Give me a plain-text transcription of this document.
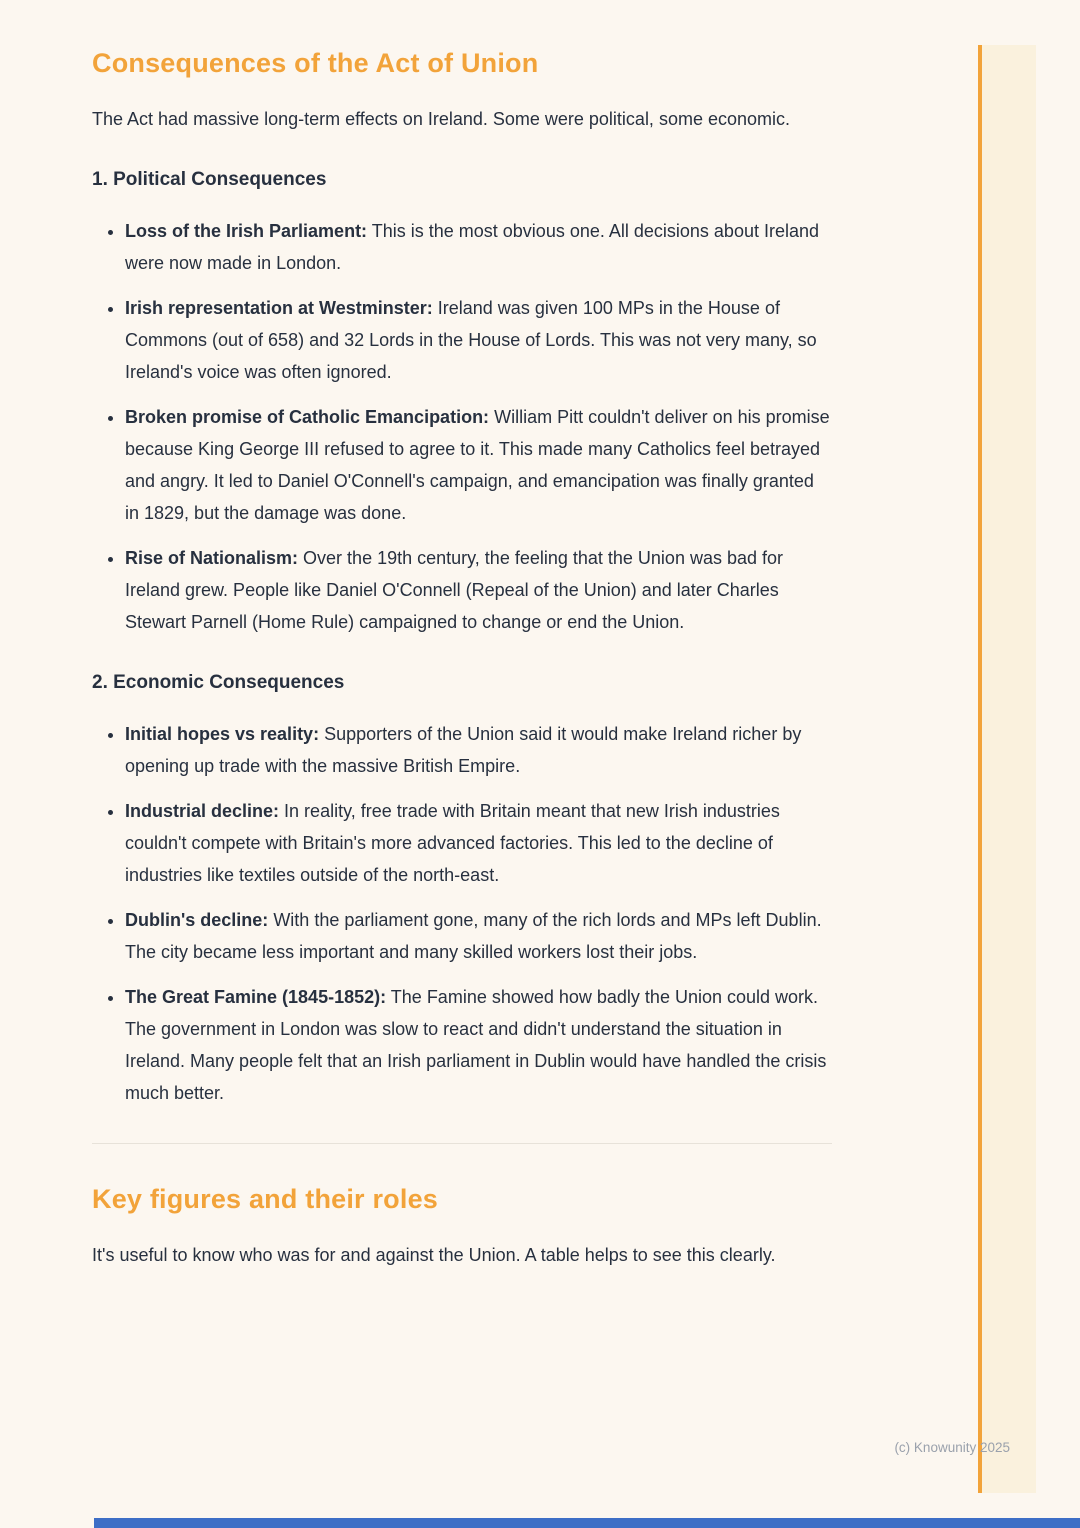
Consequences of the Act of Union

The Act had massive long-term effects on Ireland. Some were political, some economic.

1. Political Consequences
• Loss of the Irish Parliament: This is the most obvious one. All decisions about Ireland were now made in London.
• Irish representation at Westminster: Ireland was given 100 MPs in the House of Commons (out of 658) and 32 Lords in the House of Lords. This was not very many, so Ireland's voice was often ignored.
• Broken promise of Catholic Emancipation: William Pitt couldn't deliver on his promise because King George III refused to agree to it. This made many Catholics feel betrayed and angry. It led to Daniel O'Connell's campaign, and emancipation was finally granted in 1829, but the damage was done.
• Rise of Nationalism: Over the 19th century, the feeling that the Union was bad for Ireland grew. People like Daniel O'Connell (Repeal of the Union) and later Charles Stewart Parnell (Home Rule) campaigned to change or end the Union.
2. Economic Consequences
• Initial hopes vs reality: Supporters of the Union said it would make Ireland richer by opening up trade with the massive British Empire.
• Industrial decline: In reality, free trade with Britain meant that new Irish industries couldn't compete with Britain's more advanced factories. This led to the decline of industries like textiles outside of the north-east.
• Dublin's decline: With the parliament gone, many of the rich lords and MPs left Dublin. The city became less important and many skilled workers lost their jobs.
• The Great Famine (1845-1852): The Famine showed how badly the Union could work. The government in London was slow to react and didn't understand the situation in Ireland. Many people felt that an Irish parliament in Dublin would have handled the crisis much better.
Key figures and their roles

It's useful to know who was for and against the Union. A table helps to see this clearly.

(c) Knowunity 2025
